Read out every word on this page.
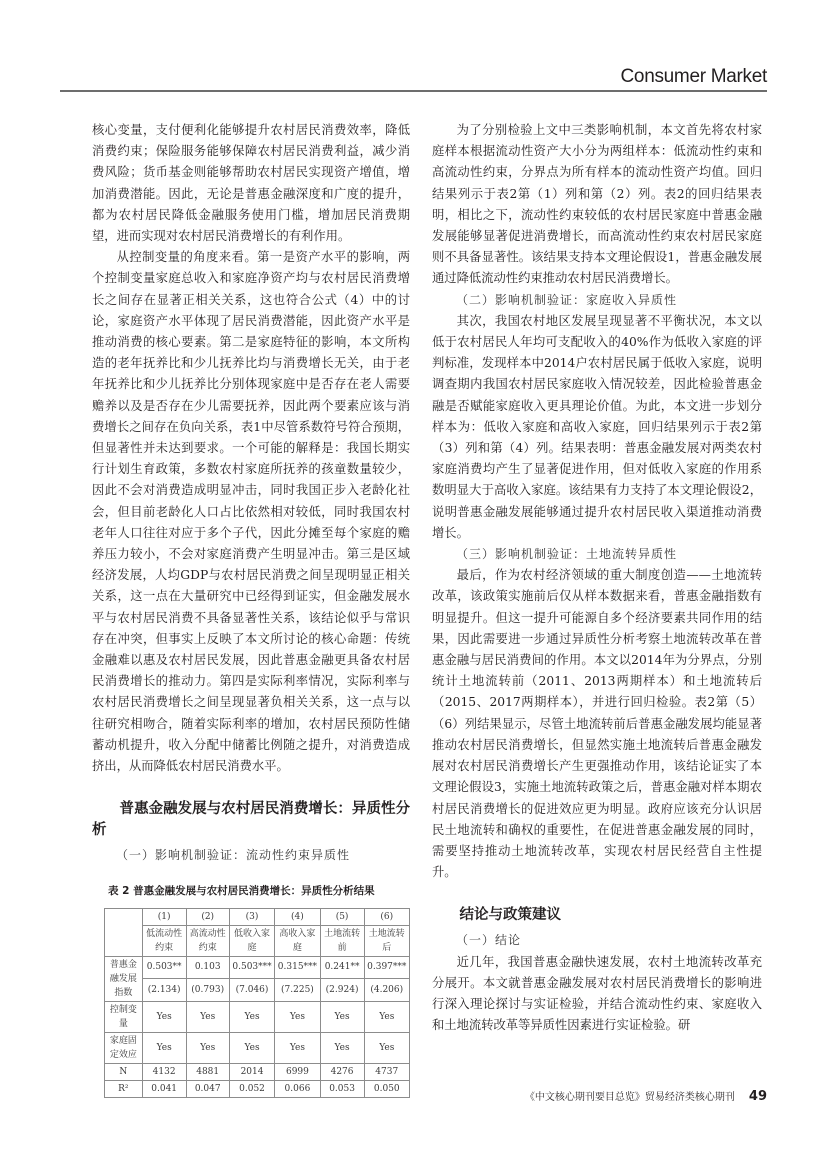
Consumer Market

核心变量，支付便利化能够提升农村居民消费效率，降低消费约束；保险服务能够保障农村居民消费利益，减少消费风险；货币基金则能够帮助农村居民实现资产增值，增加消费潜能。因此，无论是普惠金融深度和广度的提升，都为农村居民降低金融服务使用门槛，增加居民消费期望，进而实现对农村居民消费增长的有利作用。

从控制变量的角度来看。第一是资产水平的影响，两个控制变量家庭总收入和家庭净资产均与农村居民消费增长之间存在显著正相关关系，这也符合公式（4）中的讨论，家庭资产水平体现了居民消费潜能，因此资产水平是推动消费的核心要素。第二是家庭特征的影响，本文所构造的老年抚养比和少儿抚养比均与消费增长无关，由于老年抚养比和少儿抚养比分别体现家庭中是否存在老人需要赡养以及是否存在少儿需要抚养，因此两个要素应该与消费增长之间存在负向关系，表1中尽管系数符号符合预期，但显著性并未达到要求。一个可能的解释是：我国长期实行计划生育政策，多数农村家庭所抚养的孩童数量较少，因此不会对消费造成明显冲击，同时我国正步入老龄化社会，但目前老龄化人口占比依然相对较低，同时我国农村老年人口往往对应于多个子代，因此分摊至每个家庭的赡养压力较小，不会对家庭消费产生明显冲击。第三是区域经济发展，人均GDP与农村居民消费之间呈现明显正相关关系，这一点在大量研究中已经得到证实，但金融发展水平与农村居民消费不具备显著性关系，该结论似乎与常识存在冲突，但事实上反映了本文所讨论的核心命题：传统金融难以惠及农村居民发展，因此普惠金融更具备农村居民消费增长的推动力。第四是实际利率情况，实际利率与农村居民消费增长之间呈现显著负相关关系，这一点与以往研究相吻合，随着实际利率的增加，农村居民预防性储蓄动机提升，收入分配中储蓄比例随之提升，对消费造成挤出，从而降低农村居民消费水平。

普惠金融发展与农村居民消费增长：异质性分析

（一）影响机制验证：流动性约束异质性

表 2 普惠金融发展与农村居民消费增长：异质性分析结果
	(1)	(2)	(3)	(4)	(5)	(6)
	低流动性约束	高流动性约束	低收入家庭	高收入家庭	土地流转前	土地流转后
普惠金融发展指数	0.503**	0.103	0.503***	0.315***	0.241**	0.397***
	(2.134)	(0.793)	(7.046)	(7.225)	(2.924)	(4.206)
控制变量	Yes	Yes	Yes	Yes	Yes	Yes
家庭固定效应	Yes	Yes	Yes	Yes	Yes	Yes
N	4132	4881	2014	6999	4276	4737
R²	0.041	0.047	0.052	0.066	0.053	0.050

为了分别检验上文中三类影响机制，本文首先将农村家庭样本根据流动性资产大小分为两组样本：低流动性约束和高流动性约束，分界点为所有样本的流动性资产均值。回归结果列示于表2第（1）列和第（2）列。表2的回归结果表明，相比之下，流动性约束较低的农村居民家庭中普惠金融发展能够显著促进消费增长，而高流动性约束农村居民家庭则不具备显著性。该结果支持本文理论假设1，普惠金融发展通过降低流动性约束推动农村居民消费增长。

（二）影响机制验证：家庭收入异质性

其次，我国农村地区发展呈现显著不平衡状况，本文以低于农村居民人年均可支配收入的40%作为低收入家庭的评判标准，发现样本中2014户农村居民属于低收入家庭，说明调查期内我国农村居民家庭收入情况较差，因此检验普惠金融是否赋能家庭收入更具理论价值。为此，本文进一步划分样本为：低收入家庭和高收入家庭，回归结果列示于表2第（3）列和第（4）列。结果表明：普惠金融发展对两类农村家庭消费均产生了显著促进作用，但对低收入家庭的作用系数明显大于高收入家庭。该结果有力支持了本文理论假设2，说明普惠金融发展能够通过提升农村居民收入渠道推动消费增长。

（三）影响机制验证：土地流转异质性

最后，作为农村经济领域的重大制度创造——土地流转改革，该政策实施前后仅从样本数据来看，普惠金融指数有明显提升。但这一提升可能源自多个经济要素共同作用的结果，因此需要进一步通过异质性分析考察土地流转改革在普惠金融与居民消费间的作用。本文以2014年为分界点，分别统计土地流转前（2011、2013两期样本）和土地流转后（2015、2017两期样本），并进行回归检验。表2第（5）（6）列结果显示，尽管土地流转前后普惠金融发展均能显著推动农村居民消费增长，但显然实施土地流转后普惠金融发展对农村居民消费增长产生更强推动作用，该结论证实了本文理论假设3，实施土地流转政策之后，普惠金融对样本期农村居民消费增长的促进效应更为明显。政府应该充分认识居民土地流转和确权的重要性，在促进普惠金融发展的同时，需要坚持推动土地流转改革，实现农村居民经营自主性提升。

结论与政策建议

（一）结论

近几年，我国普惠金融快速发展，农村土地流转改革充分展开。本文就普惠金融发展对农村居民消费增长的影响进行深入理论探讨与实证检验，并结合流动性约束、家庭收入和土地流转改革等异质性因素进行实证检验。研

《中文核心期刊要目总览》贸易经济类核心期刊 49
